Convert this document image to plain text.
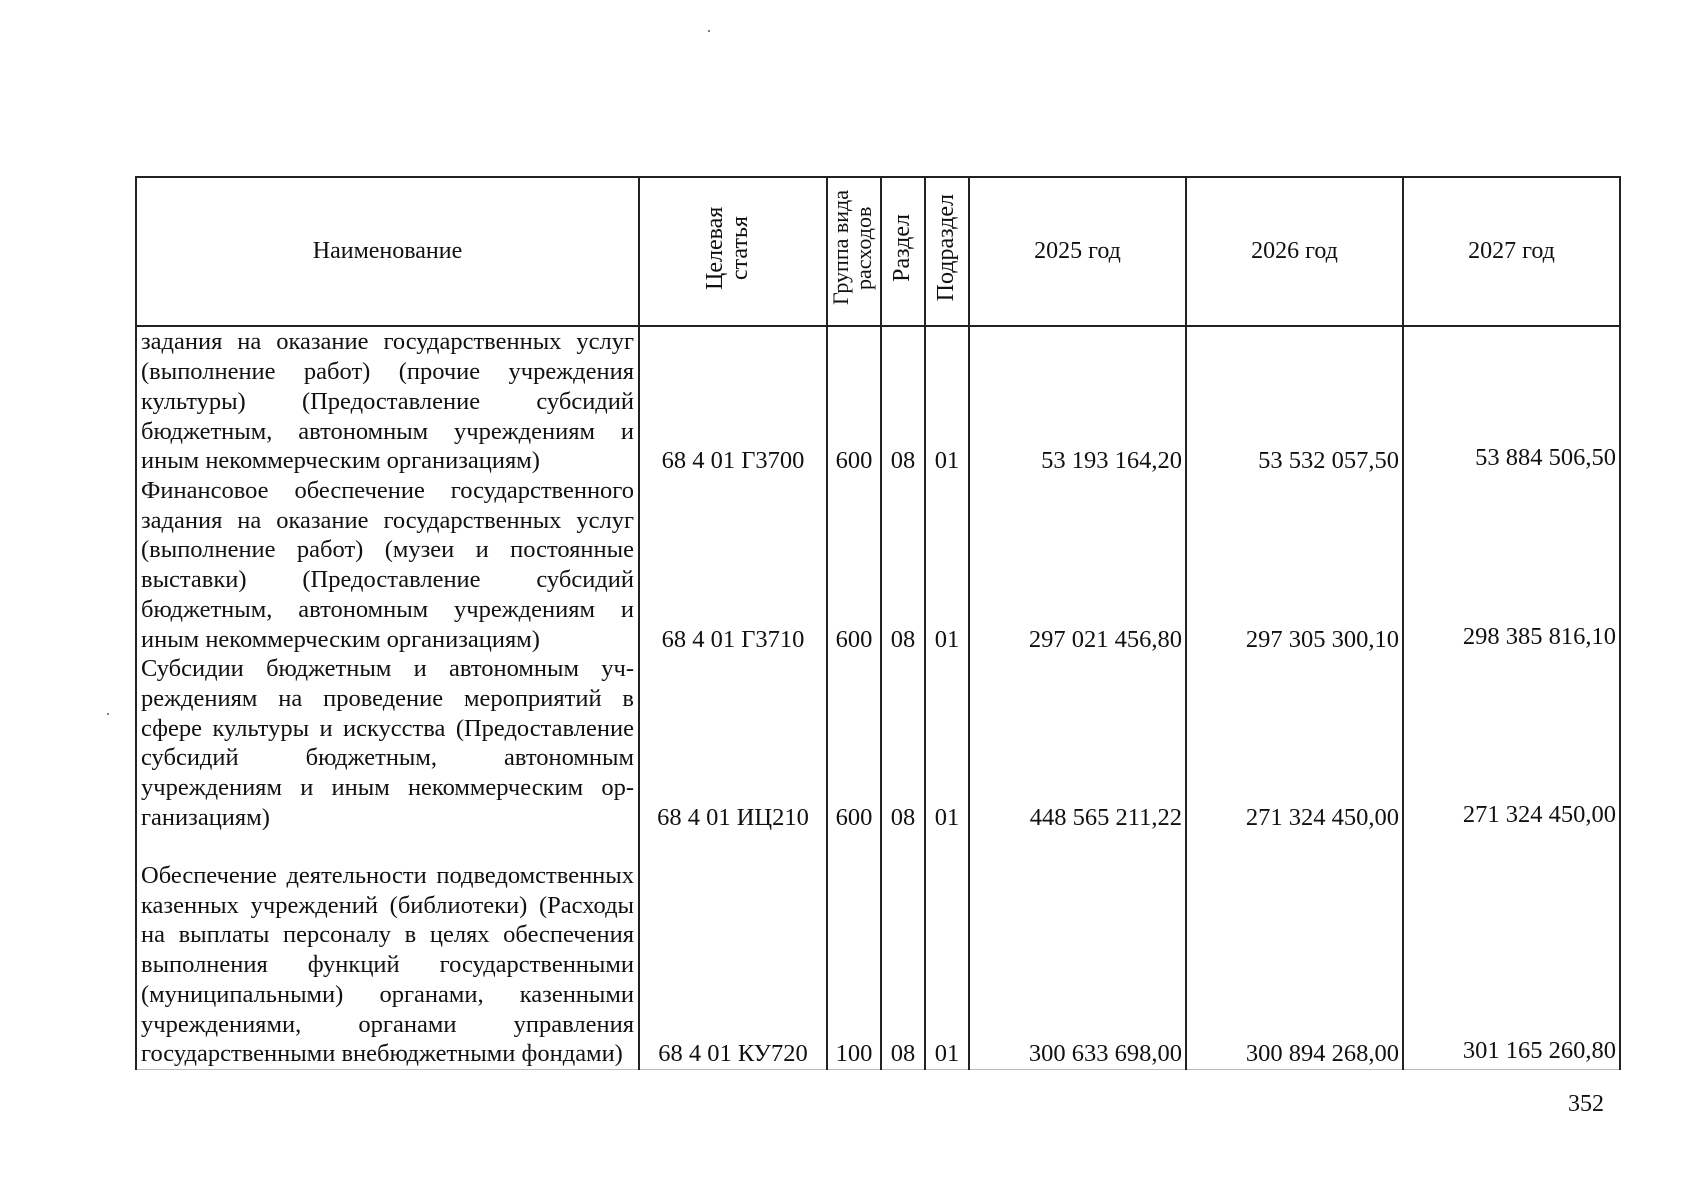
Наименование	Целевая статья	Группа вида расходов	Раздел	Подраздел	2025 год	2026 год	2027 год
задания на оказание государственных услуг (выполнение работ) (прочие учреждения культуры) (Предоставление субсидий бюджетным, автономным учреждениям и иным некоммерческим организациям)	68 4 01 Г3700	600	08	01	53 193 164,20	53 532 057,50	53 884 506,50
Финансовое обеспечение государственного задания на оказание государственных услуг (выполнение работ) (музеи и постоянные выставки) (Предоставление субсидий бюджетным, автономным учреждениям и иным некоммерческим организациям)	68 4 01 Г3710	600	08	01	297 021 456,80	297 305 300,10	298 385 816,10
Субсидии бюджетным и автономным учреждениям на проведение мероприятий в сфере культуры и искусства (Предоставление субсидий бюджетным, автономным учреждениям и иным некоммерческим организациям)	68 4 01 ИЦ210	600	08	01	448 565 211,22	271 324 450,00	271 324 450,00
Обеспечение деятельности подведомственных казенных учреждений (библиотеки) (Расходы на выплаты персоналу в целях обеспечения выполнения функций государственными (муниципальными) органами, казенными учреждениями, органами управления государственными внебюджетными фондами)	68 4 01 КУ720	100	08	01	300 633 698,00	300 894 268,00	301 165 260,80
352
